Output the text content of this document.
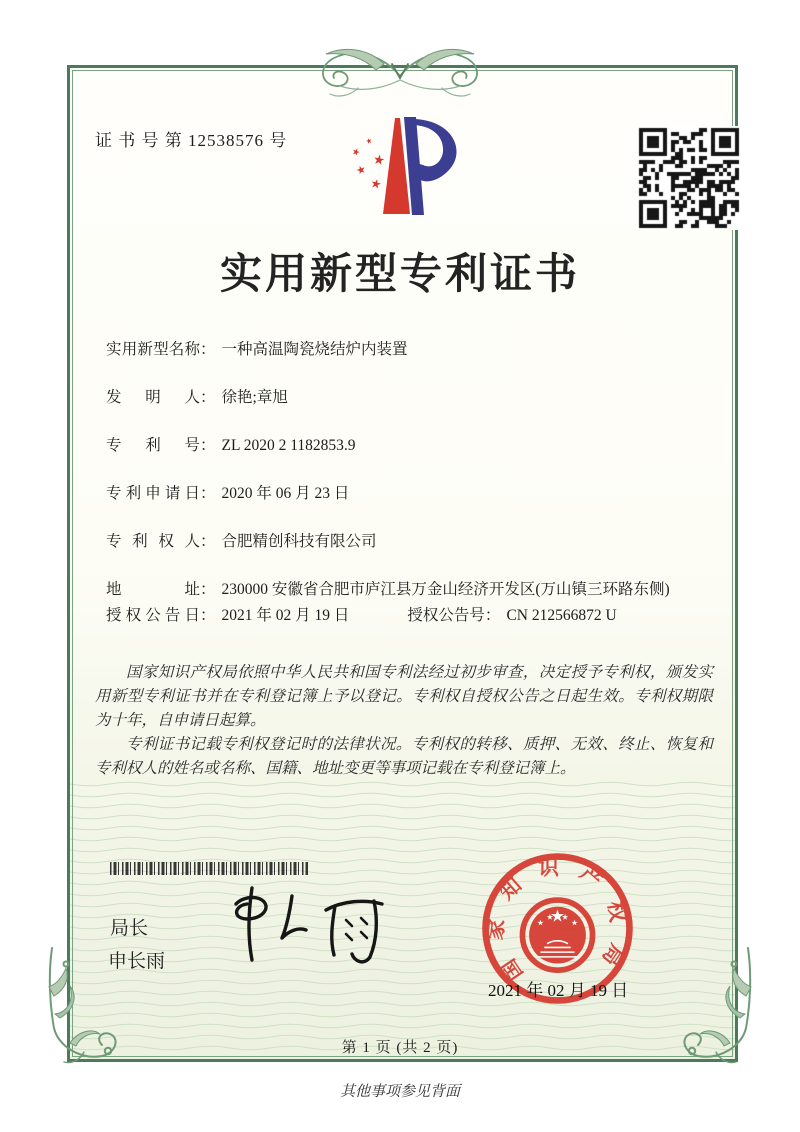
证 书 号 第 12538576 号
实用新型专利证书
实用新型名称 ： 一种高温陶瓷烧结炉内装置
发明人 ： 徐艳;章旭
专利号 ： ZL 2020 2 1182853.9
专利申请日 ： 2020 年 06 月 23 日
专利权人 ： 合肥精创科技有限公司
地址 ： 230000 安徽省合肥市庐江县万金山经济开发区(万山镇三环路东侧)
授权公告日 ： 2021 年 02 月 19 日	授权公告号 ： CN 212566872 U

国家知识产权局依照中华人民共和国专利法经过初步审查，决定授予专利权，颁发实用新型专利证书并在专利登记簿上予以登记。专利权自授权公告之日起生效。专利权期限为十年，自申请日起算。

专利证书记载专利权登记时的法律状况。专利权的转移、质押、无效、终止、恢复和专利权人的姓名或名称、国籍、地址变更等事项记载在专利登记簿上。

局长
申长雨	国家知识产权局
2021 年 02 月 19 日
第 1 页 (共 2 页)
其他事项参见背面
